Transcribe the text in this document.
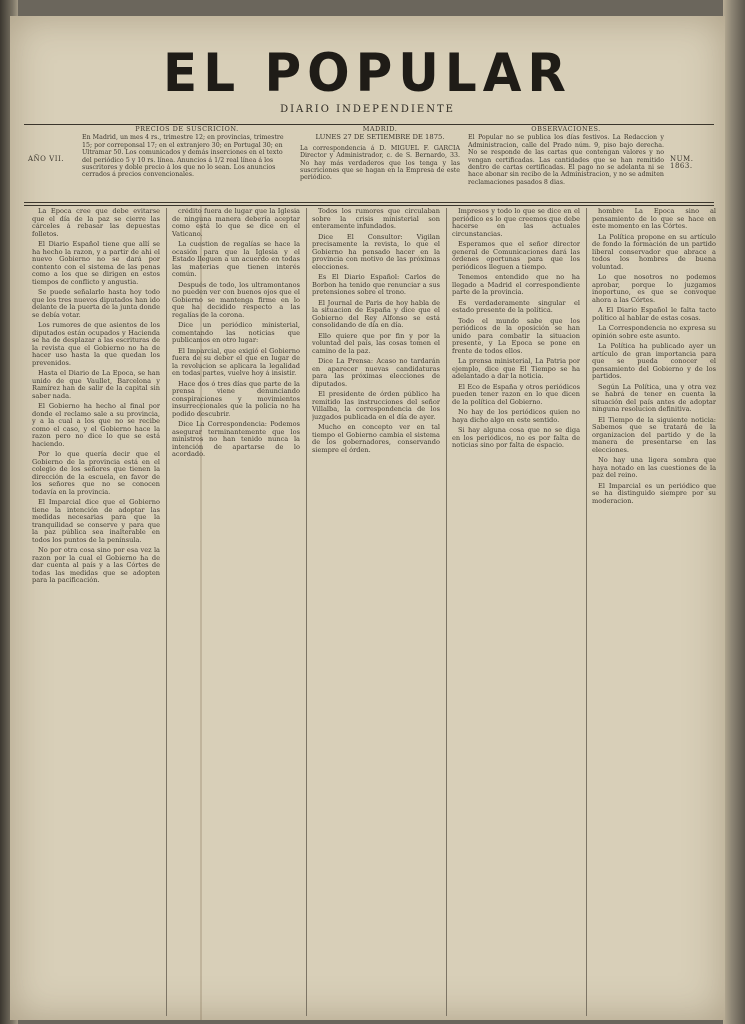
EL POPULAR
DIARIO INDEPENDIENTE
AÑO VII.
PRECIOS DE SUSCRICION.
En Madrid, un mes 4 rs., trimestre 12; en provincias, trimestre 15; por correponsal 17; en el extranjero 30; en Portugal 30; en Ultramar 50. Los comunicados y demás inserciones en el texto del periódico 5 y 10 rs. línea. Anuncios á 1/2 real línea á los suscritores y doble precio á los que no lo sean. Los anuncios cerrados á precios convencionales.
MADRID.
LUNES 27 DE SETIEMBRE DE 1875.
La correspondencia á D. MIGUEL F. GARCIA Director y Administrador, c. de S. Bernardo, 33. No hay más verdaderos que los tenga y las suscriciones que se hagan en la Empresa de este periódico.
OBSERVACIONES.
El Popular no se publica los días festivos. La Redaccion y Administracion, calle del Prado núm. 9, piso bajo derecha. No se responde de las cartas que contengan valores y no vengan certificadas. Las cantidades que se han remitido dentro de cartas certificadas. El pago no se adelanta ni se hace abonar sin recibo de la Administracion, y no se admiten reclamaciones pasados 8 dias.
NUM. 1863.

La Epoca cree que debe evitarse que el día de la paz se cierre las cárceles á rebasar las depuestas folletos.

El Diario Español tiene que allí se ha hecho la razon, y a partir de ahi el nuevo Gobierno no se dará por contento con el sistema de las penas como a los que se dirigen en estos tiempos de conflicto y angustia.

Se puede señalarlo hasta hoy todo que los tres nuevos diputados han ido delante de la puerta de la junta donde se debía votar.

Los rumores de que asientos de los diputados están ocupados y Hacienda se ha de desplazar a las escrituras de la revista que el Gobierno no ha de hacer uso hasta la que quedan los prevenidos.

Hasta el Diario de La Epoca, se han unido de que Vaullet, Barcelona y Ramírez han de salir de la capital sin saber nada.

El Gobierno ha hecho al final por donde el reclamo sale a su provincia, y a la cual a los que no se recibe como el caso, y el Gobierno hace la razon pero no dice lo que se está haciendo.

Por lo que quería decir que el Gobierno de la provincia está en el colegio de los señores que tienen la dirección de la escuela, en favor de los señores que no se conocen todavía en la provincia.

El Imparcial dice que el Gobierno tiene la intención de adoptar las medidas necesarias para que la tranquilidad se conserve y para que la paz pública sea inalterable en todos los puntos de la península.

No por otra cosa sino por esa vez la razon por la cual el Gobierno ha de dar cuenta al país y a las Córtes de todas las medidas que se adopten para la pacificación.

crédito fuera de lugar que la Iglesia de ninguna manera debería aceptar como está lo que se dice en el Vaticano.

La cuestion de regalías se hace la ocasión para que la Iglesia y el Estado lleguen a un acuerdo en todas las materias que tienen interés común.

Después de todo, los ultramontanos no pueden ver con buenos ojos que el Gobierno se mantenga firme en lo que ha decidido respecto a las regalías de la corona.

Dice un periódico ministerial, comentando las noticias que publicamos en otro lugar:

El Imparcial, que exigió el Gobierno fuera de su deber el que en lugar de la revolucion se aplicara la legalidad en todas partes, vuelve hoy á insistir.

Hace dos ó tres días que parte de la prensa viene denunciando conspiraciones y movimientos insurreccionales que la policía no ha podido descubrir.

Dice La Correspondencia: Podemos asegurar terminantemente que los ministros no han tenido nunca la intención de apartarse de lo acordado.

Todos los rumores que circulaban sobre la crisis ministerial son enteramente infundados.

Dice El Consultor: Vigilan precisamente la revista, lo que el Gobierno ha pensado hacer en la provincia con motivo de las próximas elecciones.

Es El Diario Español: Carlos de Borbon ha tenido que renunciar a sus pretensiones sobre el trono.

El Journal de Paris de hoy habla de la situacion de España y dice que el Gobierno del Rey Alfonso se está consolidando de día en día.

Ello quiere que por fin y por la voluntad del país, las cosas tomen el camino de la paz.

Dice La Prensa: Acaso no tardarán en aparecer nuevas candidaturas para las próximas elecciones de diputados.

El presidente de órden público ha remitido las instrucciones del señor Villalba, la correspondencia de los juzgados publicada en el día de ayer.

Mucho en concepto ver en tal tiempo el Gobierno cambia el sistema de los gobernadores, conservando siempre el órden.

Impresos y todo lo que se dice en el periódico es lo que creemos que debe hacerse en las actuales circunstancias.

Esperamos que el señor director general de Comunicaciones dará las órdenes oportunas para que los periódicos lleguen a tiempo.

Tenemos entendido que no ha llegado a Madrid el correspondiente parte de la provincia.

Es verdaderamente singular el estado presente de la política.

Todo el mundo sabe que los periódicos de la oposición se han unido para combatir la situacion presente, y La Epoca se pone en frente de todos ellos.

La prensa ministerial, La Patria por ejemplo, dice que El Tiempo se ha adelantado a dar la noticia.

El Eco de España y otros periódicos pueden tener razon en lo que dicen de la política del Gobierno.

No hay de los periódicos quien no haya dicho algo en este sentido.

Si hay alguna cosa que no se diga en los periódicos, no es por falta de noticias sino por falta de espacio.

hombre La Epoca sino al pensamiento de lo que se hace en este momento en las Córtes.

La Política propone en su artículo de fondo la formación de un partido liberal conservador que abrace a todos los hombres de buena voluntad.

Lo que nosotros no podemos aprobar, porque lo juzgamos inoportuno, es que se convoque ahora a las Córtes.

A El Diario Español le falta tacto político al hablar de estas cosas.

La Correspondencia no expresa su opinión sobre este asunto.

La Política ha publicado ayer un artículo de gran importancia para que se pueda conocer el pensamiento del Gobierno y de los partidos.

Según La Política, una y otra vez se habrá de tener en cuenta la situación del país antes de adoptar ninguna resolucion definitiva.

El Tiempo de la siguiente noticia: Sabemos que se tratará de la organizacion del partido y de la manera de presentarse en las elecciones.

No hay una ligera sombra que haya notado en las cuestiones de la paz del reino.

El Imparcial es un periódico que se ha distinguido siempre por su moderacion.
